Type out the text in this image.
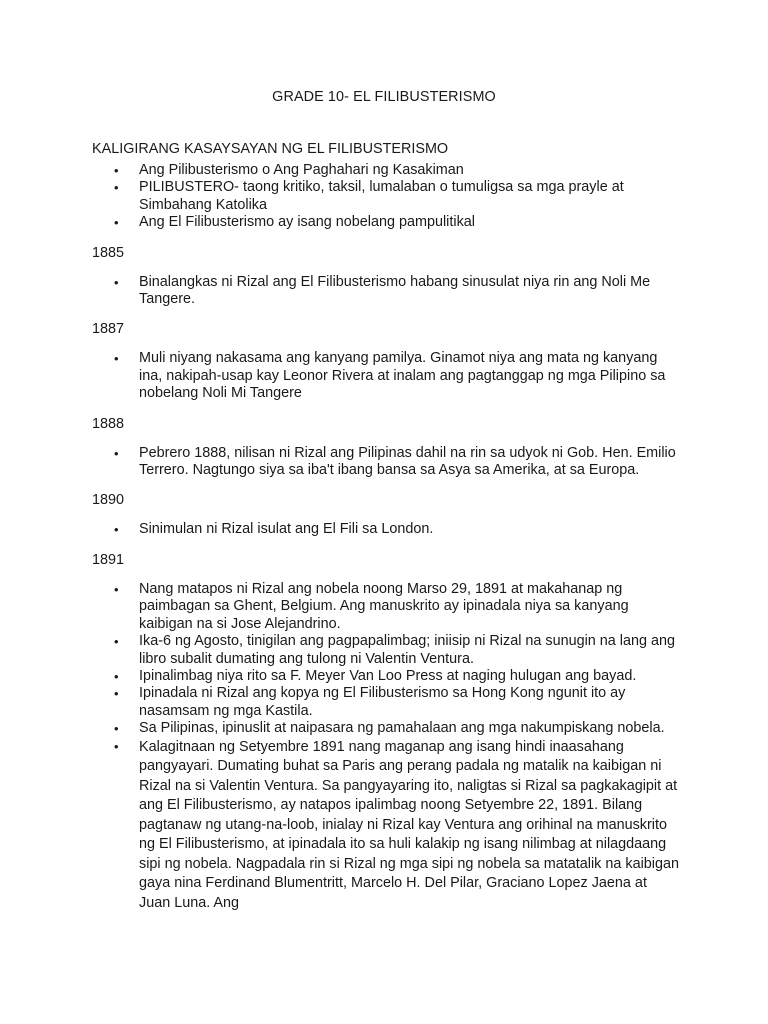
GRADE 10- EL FILIBUSTERISMO

KALIGIRANG KASAYSAYAN NG EL FILIBUSTERISMO

• Ang Pilibusterismo o Ang Paghahari ng Kasakiman
• PILIBUSTERO- taong kritiko, taksil, lumalaban o tumuligsa sa mga prayle at Simbahang Katolika
• Ang El Filibusterismo ay isang nobelang pampulitikal

1885

• Binalangkas ni Rizal ang El Filibusterismo habang sinusulat niya rin ang Noli Me Tangere.

1887

• Muli niyang nakasama ang kanyang pamilya. Ginamot niya ang mata ng kanyang ina, nakipah-usap kay Leonor Rivera at inalam ang pagtanggap ng mga Pilipino sa nobelang Noli Mi Tangere

1888

• Pebrero 1888, nilisan ni Rizal ang Pilipinas dahil na rin sa udyok ni Gob. Hen. Emilio Terrero. Nagtungo siya sa iba't ibang bansa sa Asya sa Amerika, at sa Europa.

1890

• Sinimulan ni Rizal isulat ang El Fili sa London.

1891

• Nang matapos ni Rizal ang nobela noong Marso 29, 1891 at makahanap ng paimbagan sa Ghent, Belgium. Ang manuskrito ay ipinadala niya sa kanyang kaibigan na si Jose Alejandrino.
• Ika-6 ng Agosto, tinigilan ang pagpapalimbag; iniisip ni Rizal na sunugin na lang ang libro subalit dumating ang tulong ni Valentin Ventura.
• Ipinalimbag niya rito sa F. Meyer Van Loo Press at naging hulugan ang bayad.
• Ipinadala ni Rizal ang kopya ng El Filibusterismo sa Hong Kong ngunit ito ay nasamsam ng mga Kastila.
• Sa Pilipinas, ipinuslit at naipasara ng pamahalaan ang mga nakumpiskang nobela.
• Kalagitnaan ng Setyembre 1891 nang maganap ang isang hindi inaasahang pangyayari. Dumating buhat sa Paris ang perang padala ng matalik na kaibigan ni Rizal na si Valentin Ventura. Sa pangyayaring ito, naligtas si Rizal sa pagkakagipit at ang El Filibusterismo, ay natapos ipalimbag noong Setyembre 22, 1891. Bilang pagtanaw ng utang-na-loob, inialay ni Rizal kay Ventura ang orihinal na manuskrito ng El Filibusterismo, at ipinadala ito sa huli kalakip ng isang nilimbag at nilagdaang sipi ng nobela. Nagpadala rin si Rizal ng mga sipi ng nobela sa matatalik na kaibigan gaya nina Ferdinand Blumentritt, Marcelo H. Del Pilar, Graciano Lopez Jaena at Juan Luna. Ang
